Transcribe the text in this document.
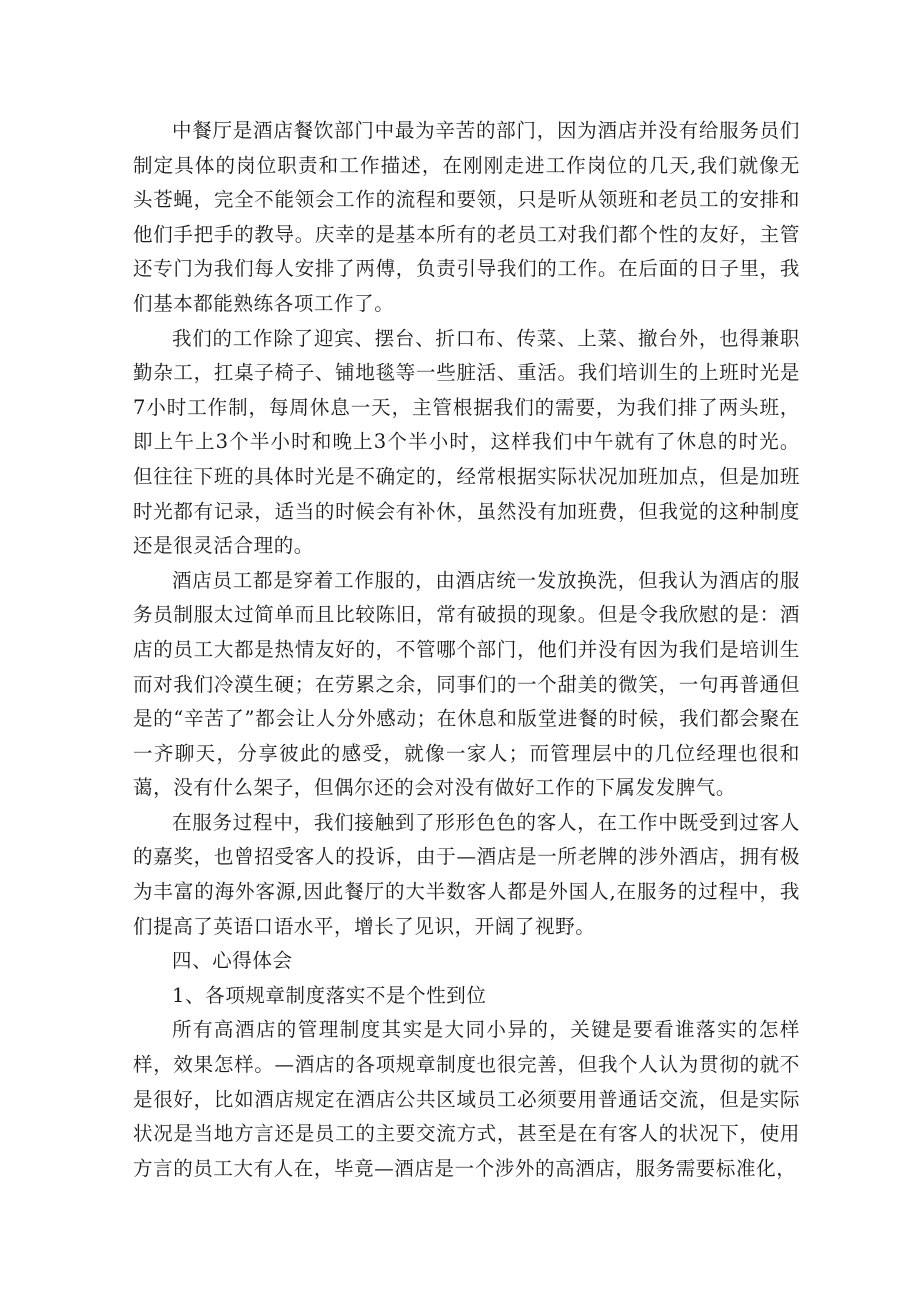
中餐厅是酒店餐饮部门中最为辛苦的部门，因为酒店并没有给服务员们制定具体的岗位职责和工作描述，在刚刚走进工作岗位的几天,我们就像无头苍蝇，完全不能领会工作的流程和要领，只是听从领班和老员工的安排和他们手把手的教导。庆幸的是基本所有的老员工对我们都个性的友好，主管还专门为我们每人安排了两傅，负责引导我们的工作。在后面的日子里，我们基本都能熟练各项工作了。

我们的工作除了迎宾、摆台、折口布、传菜、上菜、撤台外，也得兼职勤杂工，扛桌子椅子、铺地毯等一些脏活、重活。我们培训生的上班时光是7小时工作制，每周休息一天，主管根据我们的需要，为我们排了两头班，即上午上3个半小时和晚上3个半小时，这样我们中午就有了休息的时光。但往往下班的具体时光是不确定的，经常根据实际状况加班加点，但是加班时光都有记录，适当的时候会有补休，虽然没有加班费，但我觉的这种制度还是很灵活合理的。

酒店员工都是穿着工作服的，由酒店统一发放换洗，但我认为酒店的服务员制服太过简单而且比较陈旧，常有破损的现象。但是令我欣慰的是：酒店的员工大都是热情友好的，不管哪个部门，他们并没有因为我们是培训生而对我们冷漠生硬；在劳累之余，同事们的一个甜美的微笑，一句再普通但是的“辛苦了”都会让人分外感动；在休息和版堂进餐的时候，我们都会聚在一齐聊天，分享彼此的感受，就像一家人；而管理层中的几位经理也很和蔼，没有什么架子，但偶尔还的会对没有做好工作的下属发发脾气。

在服务过程中，我们接触到了形形色色的客人，在工作中既受到过客人的嘉奖，也曾招受客人的投诉，由于—酒店是一所老牌的涉外酒店，拥有极为丰富的海外客源,因此餐厅的大半数客人都是外国人,在服务的过程中，我们提高了英语口语水平，增长了见识，开阔了视野。

四、心得体会

1、各项规章制度落实不是个性到位

所有高酒店的管理制度其实是大同小异的，关键是要看谁落实的怎样样，效果怎样。—酒店的各项规章制度也很完善，但我个人认为贯彻的就不是很好，比如酒店规定在酒店公共区域员工必须要用普通话交流，但是实际状况是当地方言还是员工的主要交流方式，甚至是在有客人的状况下，使用方言的员工大有人在，毕竟—酒店是一个涉外的高酒店，服务需要标准化，
